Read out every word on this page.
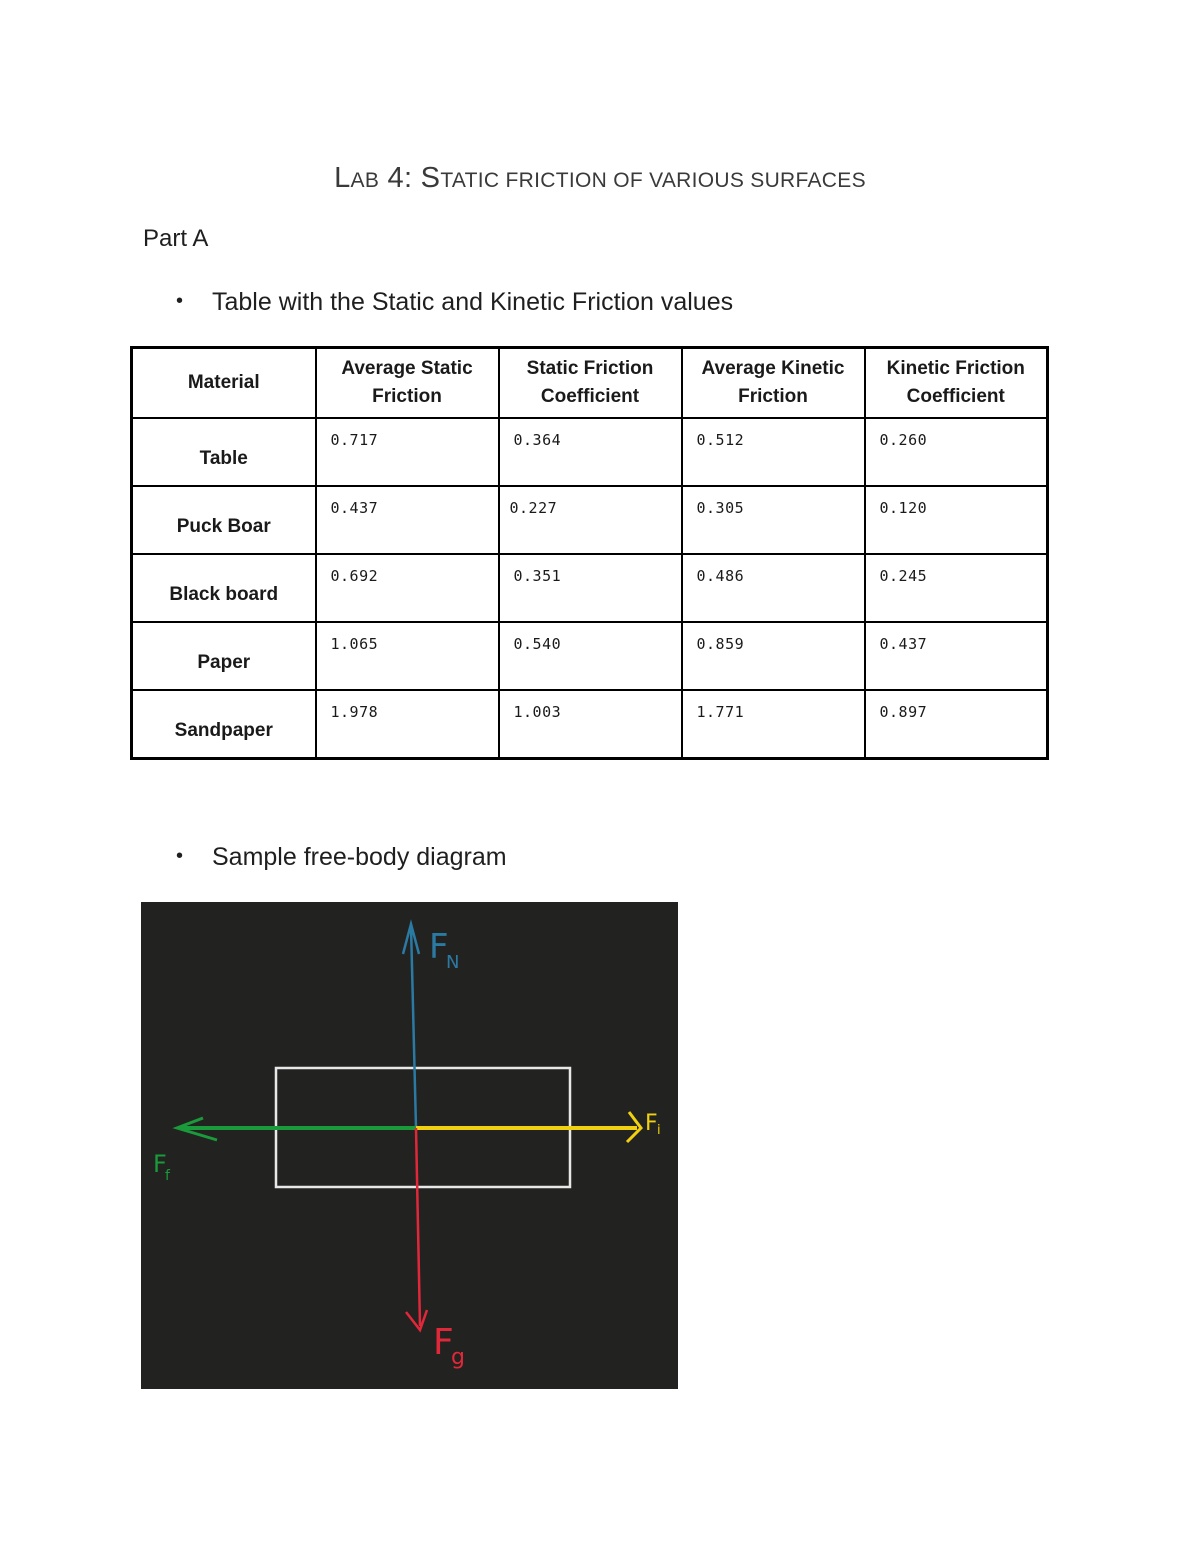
LAB 4: STATIC FRICTION OF VARIOUS SURFACES
Part A
• Table with the Static and Kinetic Friction values
Material	Average Static Friction	Static Friction Coefficient	Average Kinetic Friction	Kinetic Friction Coefficient
Table	0.717	0.364	0.512	0.260
Puck Boar	0.437	0.227	0.305	0.120
Black board	0.692	0.351	0.486	0.245
Paper	1.065	0.540	0.859	0.437
Sandpaper	1.978	1.003	1.771	0.897
• Sample free-body diagram
F
N
F
f
F i
F
g
